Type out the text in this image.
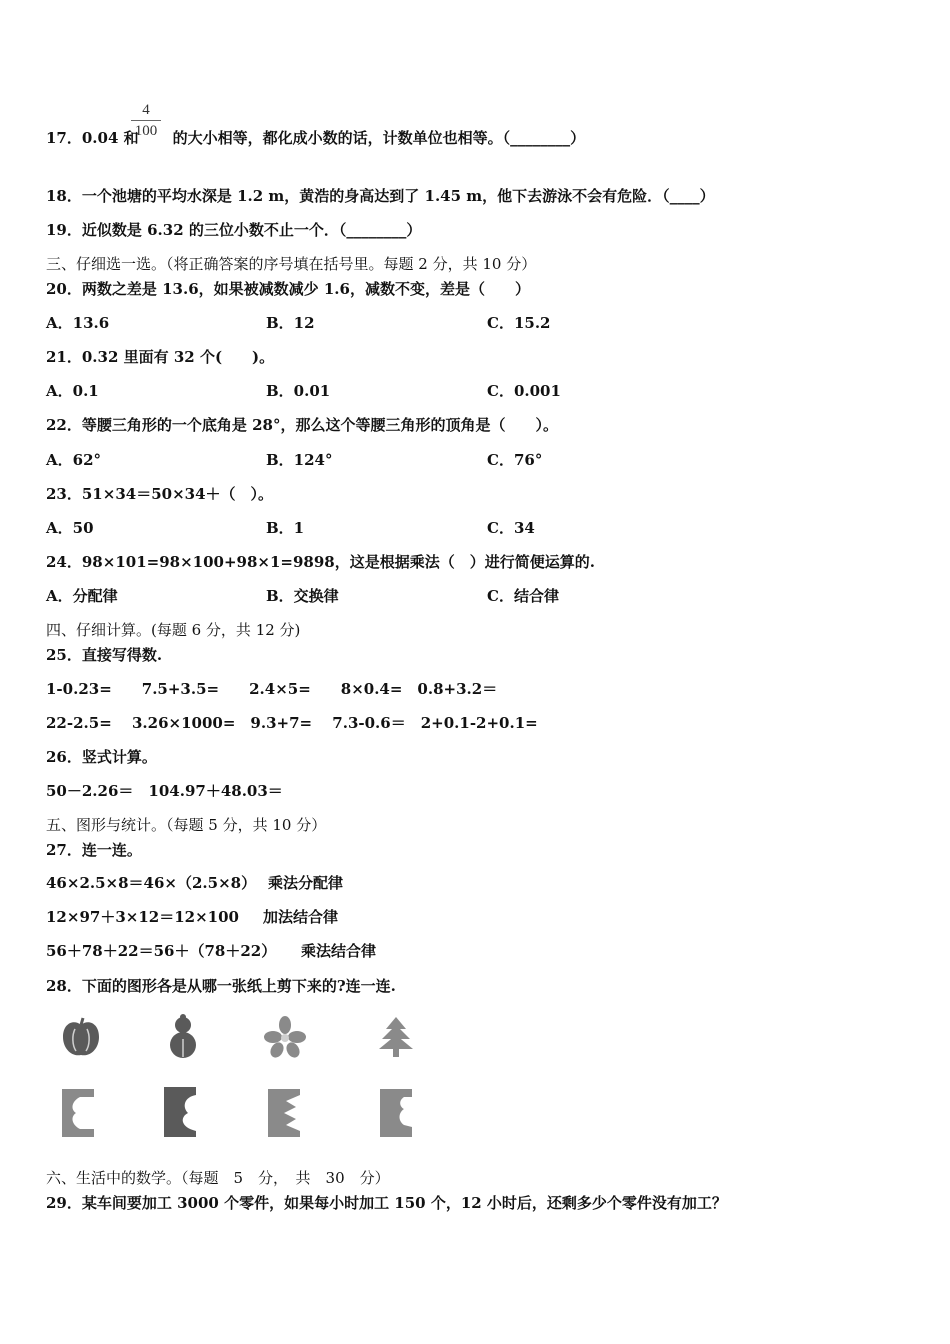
4
100
17．0.04 和 的大小相等，都化成小数的话，计数单位也相等。（________）
18．一个池塘的平均水深是 1.2 m，黄浩的身高达到了 1.45 m，他下去游泳不会有危险．（____）
19．近似数是 6.32 的三位小数不止一个．（________）
三、仔细选一选。（将正确答案的序号填在括号里。每题 2 分，共 10 分）
20．两数之差是 13.6，如果被减数减少 1.6，减数不变，差是（　　）
A．13.6	B．12	C．15.2
21．0.32 里面有 32 个(　　)。
A．0.1	B．0.01	C．0.001
22．等腰三角形的一个底角是 28°，那么这个等腰三角形的顶角是（　　）。
A．62°	B．124°	C．76°
23．51×34＝50×34＋（　）。
A．50	B．1	C．34
24．98×101=98×100+98×1=9898，这是根据乘法（　）进行简便运算的.
A．分配律	B．交换律	C．结合律
四、仔细计算。(每题 6 分，共 12 分)
25．直接写得数.
1-0.23=　　7.5+3.5=　　2.4×5=　　8×0.4=　0.8+3.2＝
22-2.5=　 3.26×1000=　9.3+7=　 7.3-0.6＝　2+0.1-2+0.1=
26．竖式计算。
50－2.26＝　104.97＋48.03＝
五、图形与统计。（每题 5 分，共 10 分）
27．连一连。
46×2.5×8＝46×（2.5×8） 乘法分配律
12×97＋3×12＝12×100 加法结合律
56＋78＋22＝56＋（78＋22） 乘法结合律
28．下面的图形各是从哪一张纸上剪下来的?连一连.
六、生活中的数学。（每题　5　分，　共　30　分）
29．某车间要加工 3000 个零件，如果每小时加工 150 个，12 小时后，还剩多少个零件没有加工？
